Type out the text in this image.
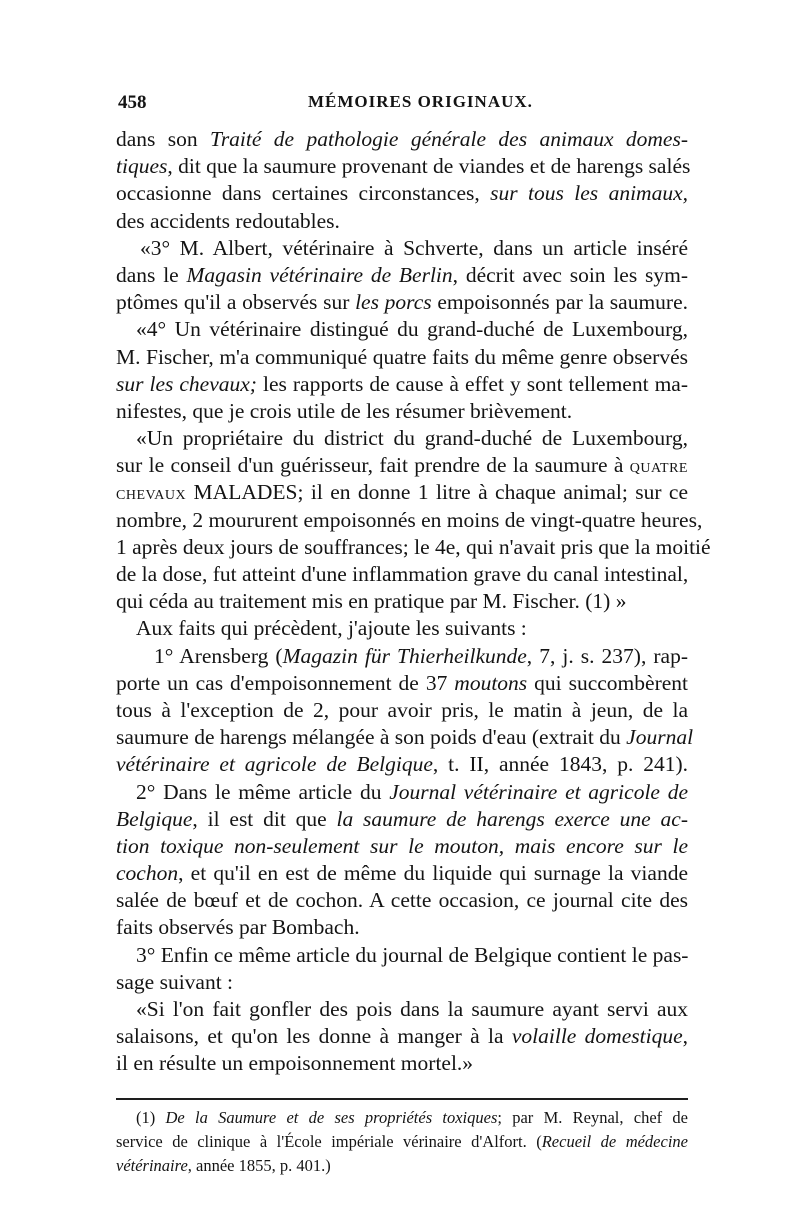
458	MÉMOIRES ORIGINAUX.
dans son Traité de pathologie générale des animaux domes-
tiques, dit que la saumure provenant de viandes et de harengs salés
occasionne dans certaines circonstances, sur tous les animaux,
des accidents redoutables.
«3° M. Albert, vétérinaire à Schverte, dans un article inséré
dans le Magasin vétérinaire de Berlin, décrit avec soin les sym-
ptômes qu'il a observés sur les porcs empoisonnés par la saumure.
«4° Un vétérinaire distingué du grand-duché de Luxembourg,
M. Fischer, m'a communiqué quatre faits du même genre observés
sur les chevaux; les rapports de cause à effet y sont tellement ma-
nifestes, que je crois utile de les résumer brièvement.
«Un propriétaire du district du grand-duché de Luxembourg,
sur le conseil d'un guérisseur, fait prendre de la saumure à QUATRE
CHEVAUX MALADES; il en donne 1 litre à chaque animal; sur ce
nombre, 2 moururent empoisonnés en moins de vingt-quatre heures,
1 après deux jours de souffrances; le 4e, qui n'avait pris que la moitié
de la dose, fut atteint d'une inflammation grave du canal intestinal,
qui céda au traitement mis en pratique par M. Fischer. (1) »
Aux faits qui précèdent, j'ajoute les suivants :
1° Arensberg (Magazin für Thierheilkunde, 7, j. s. 237), rap-
porte un cas d'empoisonnement de 37 moutons qui succombèrent
tous à l'exception de 2, pour avoir pris, le matin à jeun, de la
saumure de harengs mélangée à son poids d'eau (extrait du Journal
vétérinaire et agricole de Belgique, t. II, année 1843, p. 241).
2° Dans le même article du Journal vétérinaire et agricole de
Belgique, il est dit que la saumure de harengs exerce une ac-
tion toxique non-seulement sur le mouton, mais encore sur le
cochon, et qu'il en est de même du liquide qui surnage la viande
salée de bœuf et de cochon. A cette occasion, ce journal cite des
faits observés par Bombach.
3° Enfin ce même article du journal de Belgique contient le pas-
sage suivant :
«Si l'on fait gonfler des pois dans la saumure ayant servi aux
salaisons, et qu'on les donne à manger à la volaille domestique,
il en résulte un empoisonnement mortel.»
(1) De la Saumure et de ses propriétés toxiques; par M. Reynal, chef de
service de clinique à l'École impériale vérinaire d'Alfort. (Recueil de médecine
vétérinaire, année 1855, p. 401.)
